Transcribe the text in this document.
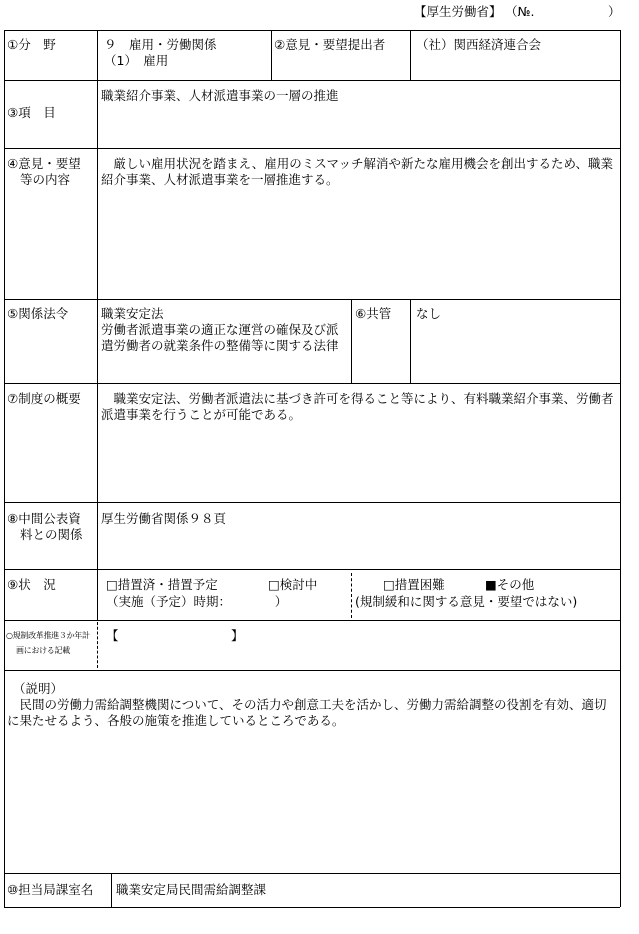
【厚生労働省】 （№.	）
①分　野	９　雇用・労働関係
（1）　雇用
②意見・要望提出者 （社）関西経済連合会
③項　目
職業紹介事業、人材派遣事業の一層の推進
④意見・要望
等の内容
　厳しい雇用状況を踏まえ、雇用のミスマッチ解消や新たな雇用機会を創出するため、職業紹介事業、人材派遣事業を一層推進する。
⑤関係法令	職業安定法
労働者派遣事業の適正な運営の確保及び派遣労働者の就業条件の整備等に関する法律
⑥共管 なし
⑦制度の概要 　職業安定法、労働者派遣法に基づき許可を得ること等により、有料職業紹介事業、労働者派遣事業を行うことが可能である。
⑧中間公表資
料との関係
厚生労働省関係９８頁
⑨状　況	□措置済・措置予定
（実施（予定）時期：　　　　）
□検討中	□措置困難	■その他
(規制緩和に関する意見・要望ではない)
○規制改革推進３か年計
画における記載
【　　　　　　　　　】
（説明）
　民間の労働力需給調整機関について、その活力や創意工夫を活かし、労働力需給調整の役割を有効、適切に果たせるよう、各般の施策を推進しているところである。
⑩担当局課室名 職業安定局民間需給調整課
